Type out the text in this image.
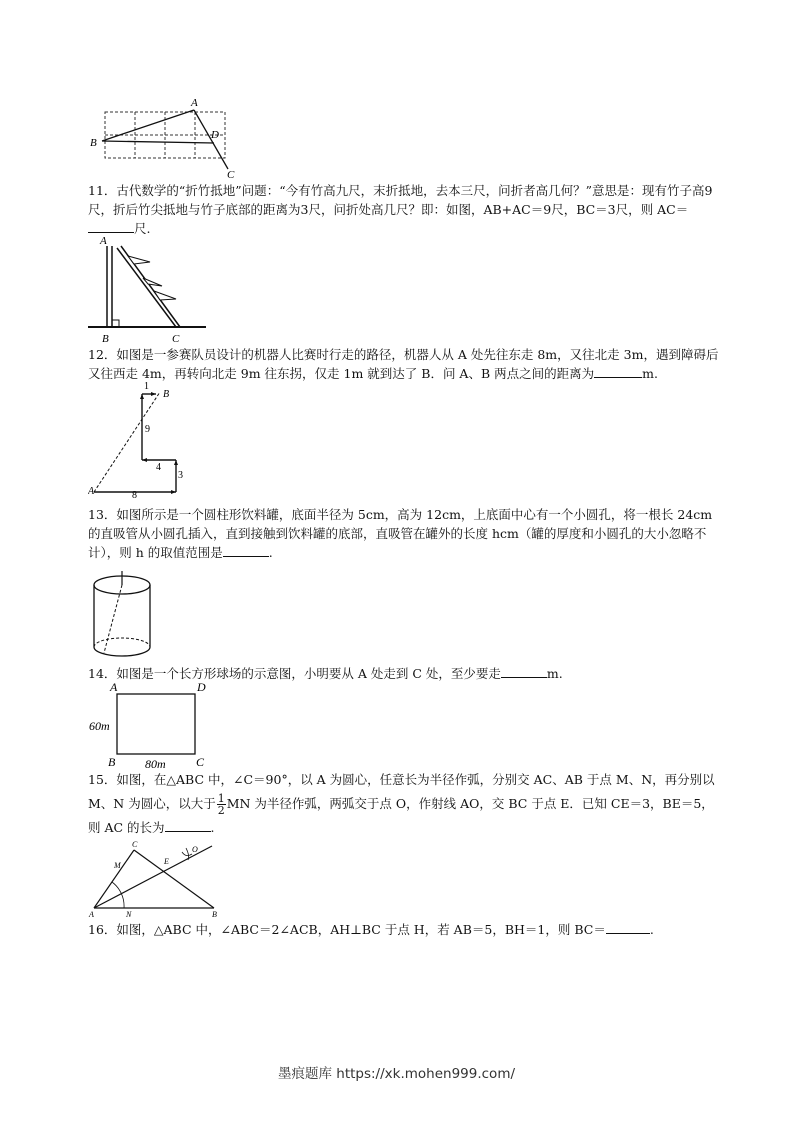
A
B
D
C

11．古代数学的“折竹抵地”问题：“今有竹高九尺，末折抵地，去本三尺，问折者高几何？”意思是：现有竹子高9尺，折后竹尖抵地与竹子底部的距离为3尺，问折处高几尺？即：如图，AB+AC＝9尺，BC＝3尺，则 AC＝尺.

A
B	C

12．如图是一参赛队员设计的机器人比赛时行走的路径，机器人从 A 处先往东走 8m，又往北走 3m，遇到障碍后又往西走 4m，再转向北走 9m 往东拐，仅走 1m 就到达了 B．问 A、B 两点之间的距离为	m.

1
B
9
4
3
A	8

13．如图所示是一个圆柱形饮料罐，底面半径为 5cm，高为 12cm，上底面中心有一个小圆孔，将一根长 24cm 的直吸管从小圆孔插入，直到接触到饮料罐的底部，直吸管在罐外的长度 hcm（罐的厚度和小圆孔的大小忽略不计），则 h 的取值范围是	.

14．如图是一个长方形球场的示意图，小明要从 A 处走到 C 处，至少要走	m.

A	D
60m
B 80m	C

15．如图，在△ABC 中，∠C＝90°，以 A 为圆心，任意长为半径作弧，分别交 AC、AB 于点 M、N，再分别以 M、N 为圆心，以大于 $\frac{1}{2}$ MN 为半径作弧，两弧交于点 O，作射线 AO，交 BC 于点 E．已知 CE＝3，BE＝5，

则 AC 的长为	.

C
M	E
O
A	N	B

16．如图，△ABC 中，∠ABC＝2∠ACB，AH⊥BC 于点 H，若 AB＝5，BH＝1，则 BC＝	.

墨痕题库 https://xk.mohen999.com/
